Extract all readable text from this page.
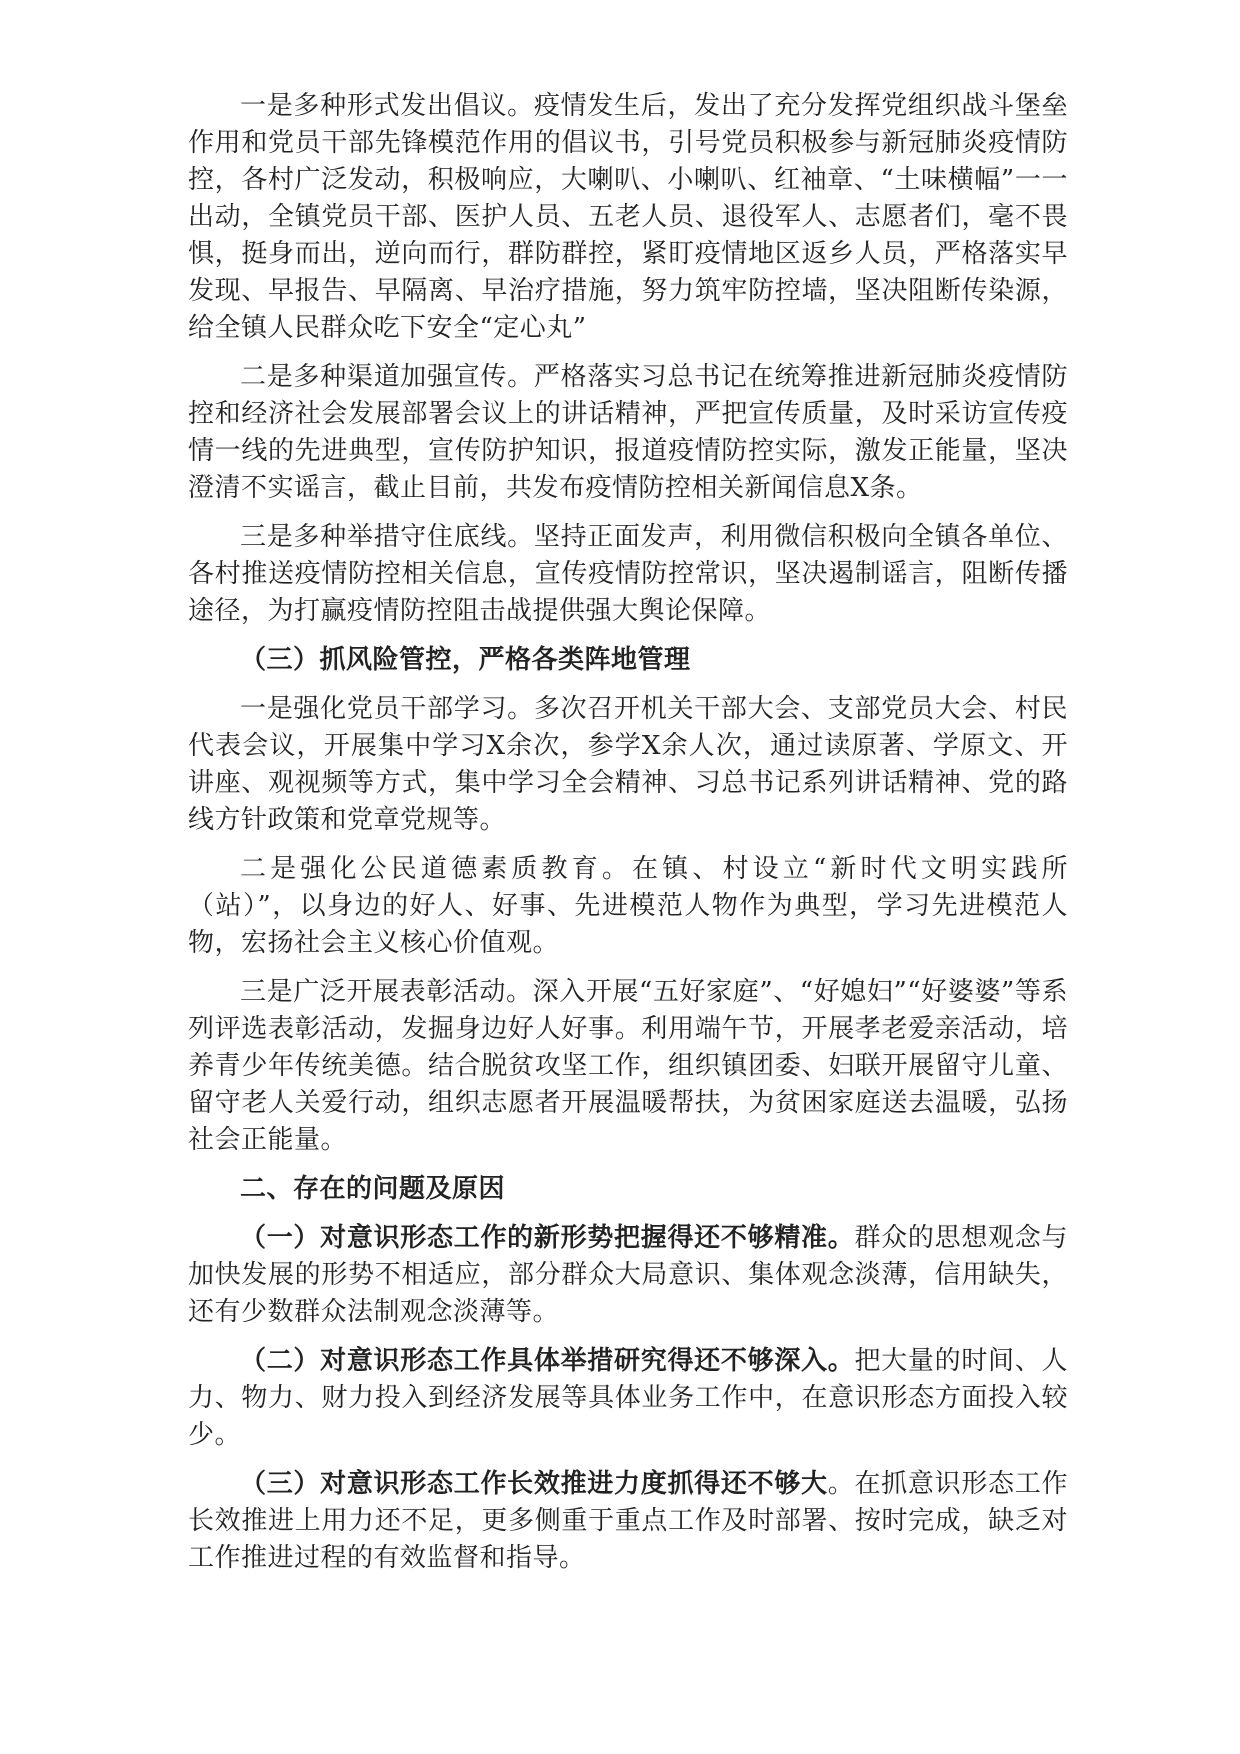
一是多种形式发出倡议。疫情发生后，发出了充分发挥党组织战斗堡垒作用和党员干部先锋模范作用的倡议书，引号党员积极参与新冠肺炎疫情防控，各村广泛发动，积极响应，大喇叭、小喇叭、红袖章、“土味横幅”一一出动，全镇党员干部、医护人员、五老人员、退役军人、志愿者们，毫不畏惧，挺身而出，逆向而行，群防群控，紧盯疫情地区返乡人员，严格落实早发现、早报告、早隔离、早治疗措施，努力筑牢防控墙，坚决阻断传染源，给全镇人民群众吃下安全“定心丸”

二是多种渠道加强宣传。严格落实习总书记在统筹推进新冠肺炎疫情防控和经济社会发展部署会议上的讲话精神，严把宣传质量，及时采访宣传疫情一线的先进典型，宣传防护知识，报道疫情防控实际，激发正能量，坚决澄清不实谣言，截止目前，共发布疫情防控相关新闻信息X条。

三是多种举措守住底线。坚持正面发声，利用微信积极向全镇各单位、各村推送疫情防控相关信息，宣传疫情防控常识，坚决遏制谣言，阻断传播途径，为打赢疫情防控阻击战提供强大舆论保障。

（三）抓风险管控，严格各类阵地管理

一是强化党员干部学习。多次召开机关干部大会、支部党员大会、村民代表会议，开展集中学习X余次，参学X余人次，通过读原著、学原文、开讲座、观视频等方式，集中学习全会精神、习总书记系列讲话精神、党的路线方针政策和党章党规等。

二是强化公民道德素质教育。在镇、村设立“新时代文明实践所（站）”，以身边的好人、好事、先进模范人物作为典型，学习先进模范人物，宏扬社会主义核心价值观。

三是广泛开展表彰活动。深入开展“五好家庭”、“好媳妇”“好婆婆”等系列评选表彰活动，发掘身边好人好事。利用端午节，开展孝老爱亲活动，培养青少年传统美德。结合脱贫攻坚工作，组织镇团委、妇联开展留守儿童、留守老人关爱行动，组织志愿者开展温暖帮扶，为贫困家庭送去温暖，弘扬社会正能量。

二、存在的问题及原因

（一）对意识形态工作的新形势把握得还不够精准。群众的思想观念与加快发展的形势不相适应，部分群众大局意识、集体观念淡薄，信用缺失，还有少数群众法制观念淡薄等。

（二）对意识形态工作具体举措研究得还不够深入。把大量的时间、人力、物力、财力投入到经济发展等具体业务工作中，在意识形态方面投入较少。

（三）对意识形态工作长效推进力度抓得还不够大。在抓意识形态工作长效推进上用力还不足，更多侧重于重点工作及时部署、按时完成，缺乏对工作推进过程的有效监督和指导。
